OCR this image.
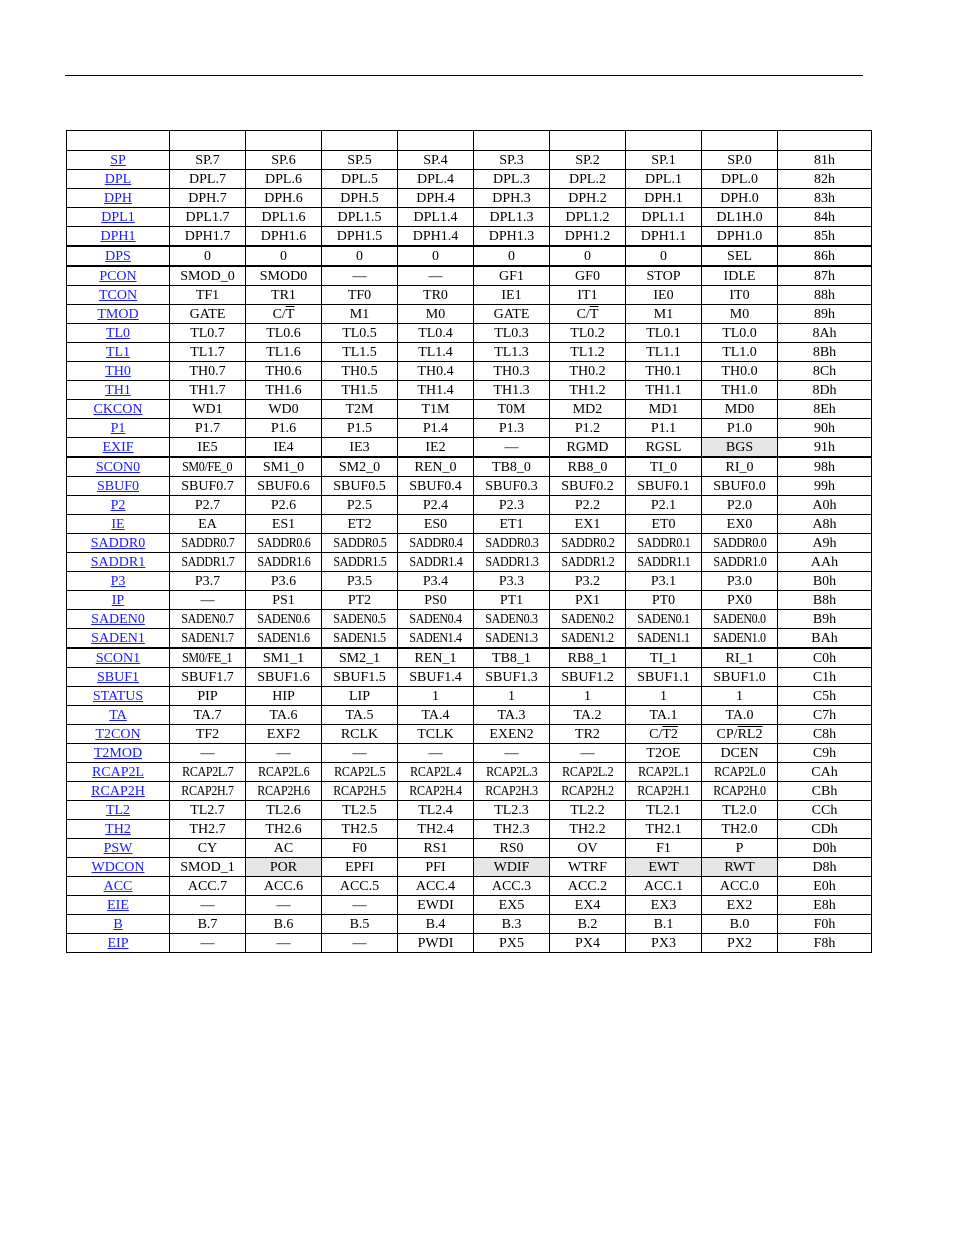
SP	SP.7	SP.6	SP.5	SP.4	SP.3	SP.2	SP.1	SP.0	81h
DPL	DPL.7	DPL.6	DPL.5	DPL.4	DPL.3	DPL.2	DPL.1	DPL.0	82h
DPH	DPH.7	DPH.6	DPH.5	DPH.4	DPH.3	DPH.2	DPH.1	DPH.0	83h
DPL1	DPL1.7	DPL1.6	DPL1.5	DPL1.4	DPL1.3	DPL1.2	DPL1.1	DL1H.0	84h
DPH1	DPH1.7	DPH1.6	DPH1.5	DPH1.4	DPH1.3	DPH1.2	DPH1.1	DPH1.0	85h
DPS	0	0	0	0	0	0	0	SEL	86h
PCON	SMOD_0	SMOD0	—	—	GF1	GF0	STOP	IDLE	87h
TCON	TF1	TR1	TF0	TR0	IE1	IT1	IE0	IT0	88h
TMOD	GATE	$C/\overline{T}$	M1	M0	GATE	$C/\overline{T}$	M1	M0	89h
TL0	TL0.7	TL0.6	TL0.5	TL0.4	TL0.3	TL0.2	TL0.1	TL0.0	8Ah
TL1	TL1.7	TL1.6	TL1.5	TL1.4	TL1.3	TL1.2	TL1.1	TL1.0	8Bh
TH0	TH0.7	TH0.6	TH0.5	TH0.4	TH0.3	TH0.2	TH0.1	TH0.0	8Ch
TH1	TH1.7	TH1.6	TH1.5	TH1.4	TH1.3	TH1.2	TH1.1	TH1.0	8Dh
CKCON	WD1	WD0	T2M	T1M	T0M	MD2	MD1	MD0	8Eh
P1	P1.7	P1.6	P1.5	P1.4	P1.3	P1.2	P1.1	P1.0	90h
EXIF	IE5	IE4	IE3	IE2	—	RGMD	RGSL	BGS	91h
SCON0	SM0/FE_0	SM1_0	SM2_0	REN_0	TB8_0	RB8_0	TI_0	RI_0	98h
SBUF0	SBUF0.7	SBUF0.6	SBUF0.5	SBUF0.4	SBUF0.3	SBUF0.2	SBUF0.1	SBUF0.0	99h
P2	P2.7	P2.6	P2.5	P2.4	P2.3	P2.2	P2.1	P2.0	A0h
IE	EA	ES1	ET2	ES0	ET1	EX1	ET0	EX0	A8h
SADDR0	SADDR0.7	SADDR0.6	SADDR0.5	SADDR0.4	SADDR0.3	SADDR0.2	SADDR0.1	SADDR0.0	A9h
SADDR1	SADDR1.7	SADDR1.6	SADDR1.5	SADDR1.4	SADDR1.3	SADDR1.2	SADDR1.1	SADDR1.0	AAh
P3	P3.7	P3.6	P3.5	P3.4	P3.3	P3.2	P3.1	P3.0	B0h
IP	—	PS1	PT2	PS0	PT1	PX1	PT0	PX0	B8h
SADEN0	SADEN0.7	SADEN0.6	SADEN0.5	SADEN0.4	SADEN0.3	SADEN0.2	SADEN0.1	SADEN0.0	B9h
SADEN1	SADEN1.7	SADEN1.6	SADEN1.5	SADEN1.4	SADEN1.3	SADEN1.2	SADEN1.1	SADEN1.0	BAh
SCON1	SM0/FE_1	SM1_1	SM2_1	REN_1	TB8_1	RB8_1	TI_1	RI_1	C0h
SBUF1	SBUF1.7	SBUF1.6	SBUF1.5	SBUF1.4	SBUF1.3	SBUF1.2	SBUF1.1	SBUF1.0	C1h
STATUS	PIP	HIP	LIP	1	1	1	1	1	C5h
TA	TA.7	TA.6	TA.5	TA.4	TA.3	TA.2	TA.1	TA.0	C7h
T2CON	TF2	EXF2	RCLK	TCLK	EXEN2	TR2	C/T2	CP/RL2	C8h
T2MOD	—	—	—	—	—	—	T2OE	DCEN	C9h
RCAP2L	RCAP2L.7	RCAP2L.6	RCAP2L.5	RCAP2L.4	RCAP2L.3	RCAP2L.2	RCAP2L.1	RCAP2L.0	CAh
RCAP2H	RCAP2H.7	RCAP2H.6	RCAP2H.5	RCAP2H.4	RCAP2H.3	RCAP2H.2	RCAP2H.1	RCAP2H.0	CBh
TL2	TL2.7	TL2.6	TL2.5	TL2.4	TL2.3	TL2.2	TL2.1	TL2.0	CCh
TH2	TH2.7	TH2.6	TH2.5	TH2.4	TH2.3	TH2.2	TH2.1	TH2.0	CDh
PSW	CY	AC	F0	RS1	RS0	OV	F1	P	D0h
WDCON	SMOD_1	POR	EPFI	PFI	WDIF	WTRF	EWT	RWT	D8h
ACC	ACC.7	ACC.6	ACC.5	ACC.4	ACC.3	ACC.2	ACC.1	ACC.0	E0h
EIE	—	—	—	EWDI	EX5	EX4	EX3	EX2	E8h
B	B.7	B.6	B.5	B.4	B.3	B.2	B.1	B.0	F0h
EIP	—	—	—	PWDI	PX5	PX4	PX3	PX2	F8h
